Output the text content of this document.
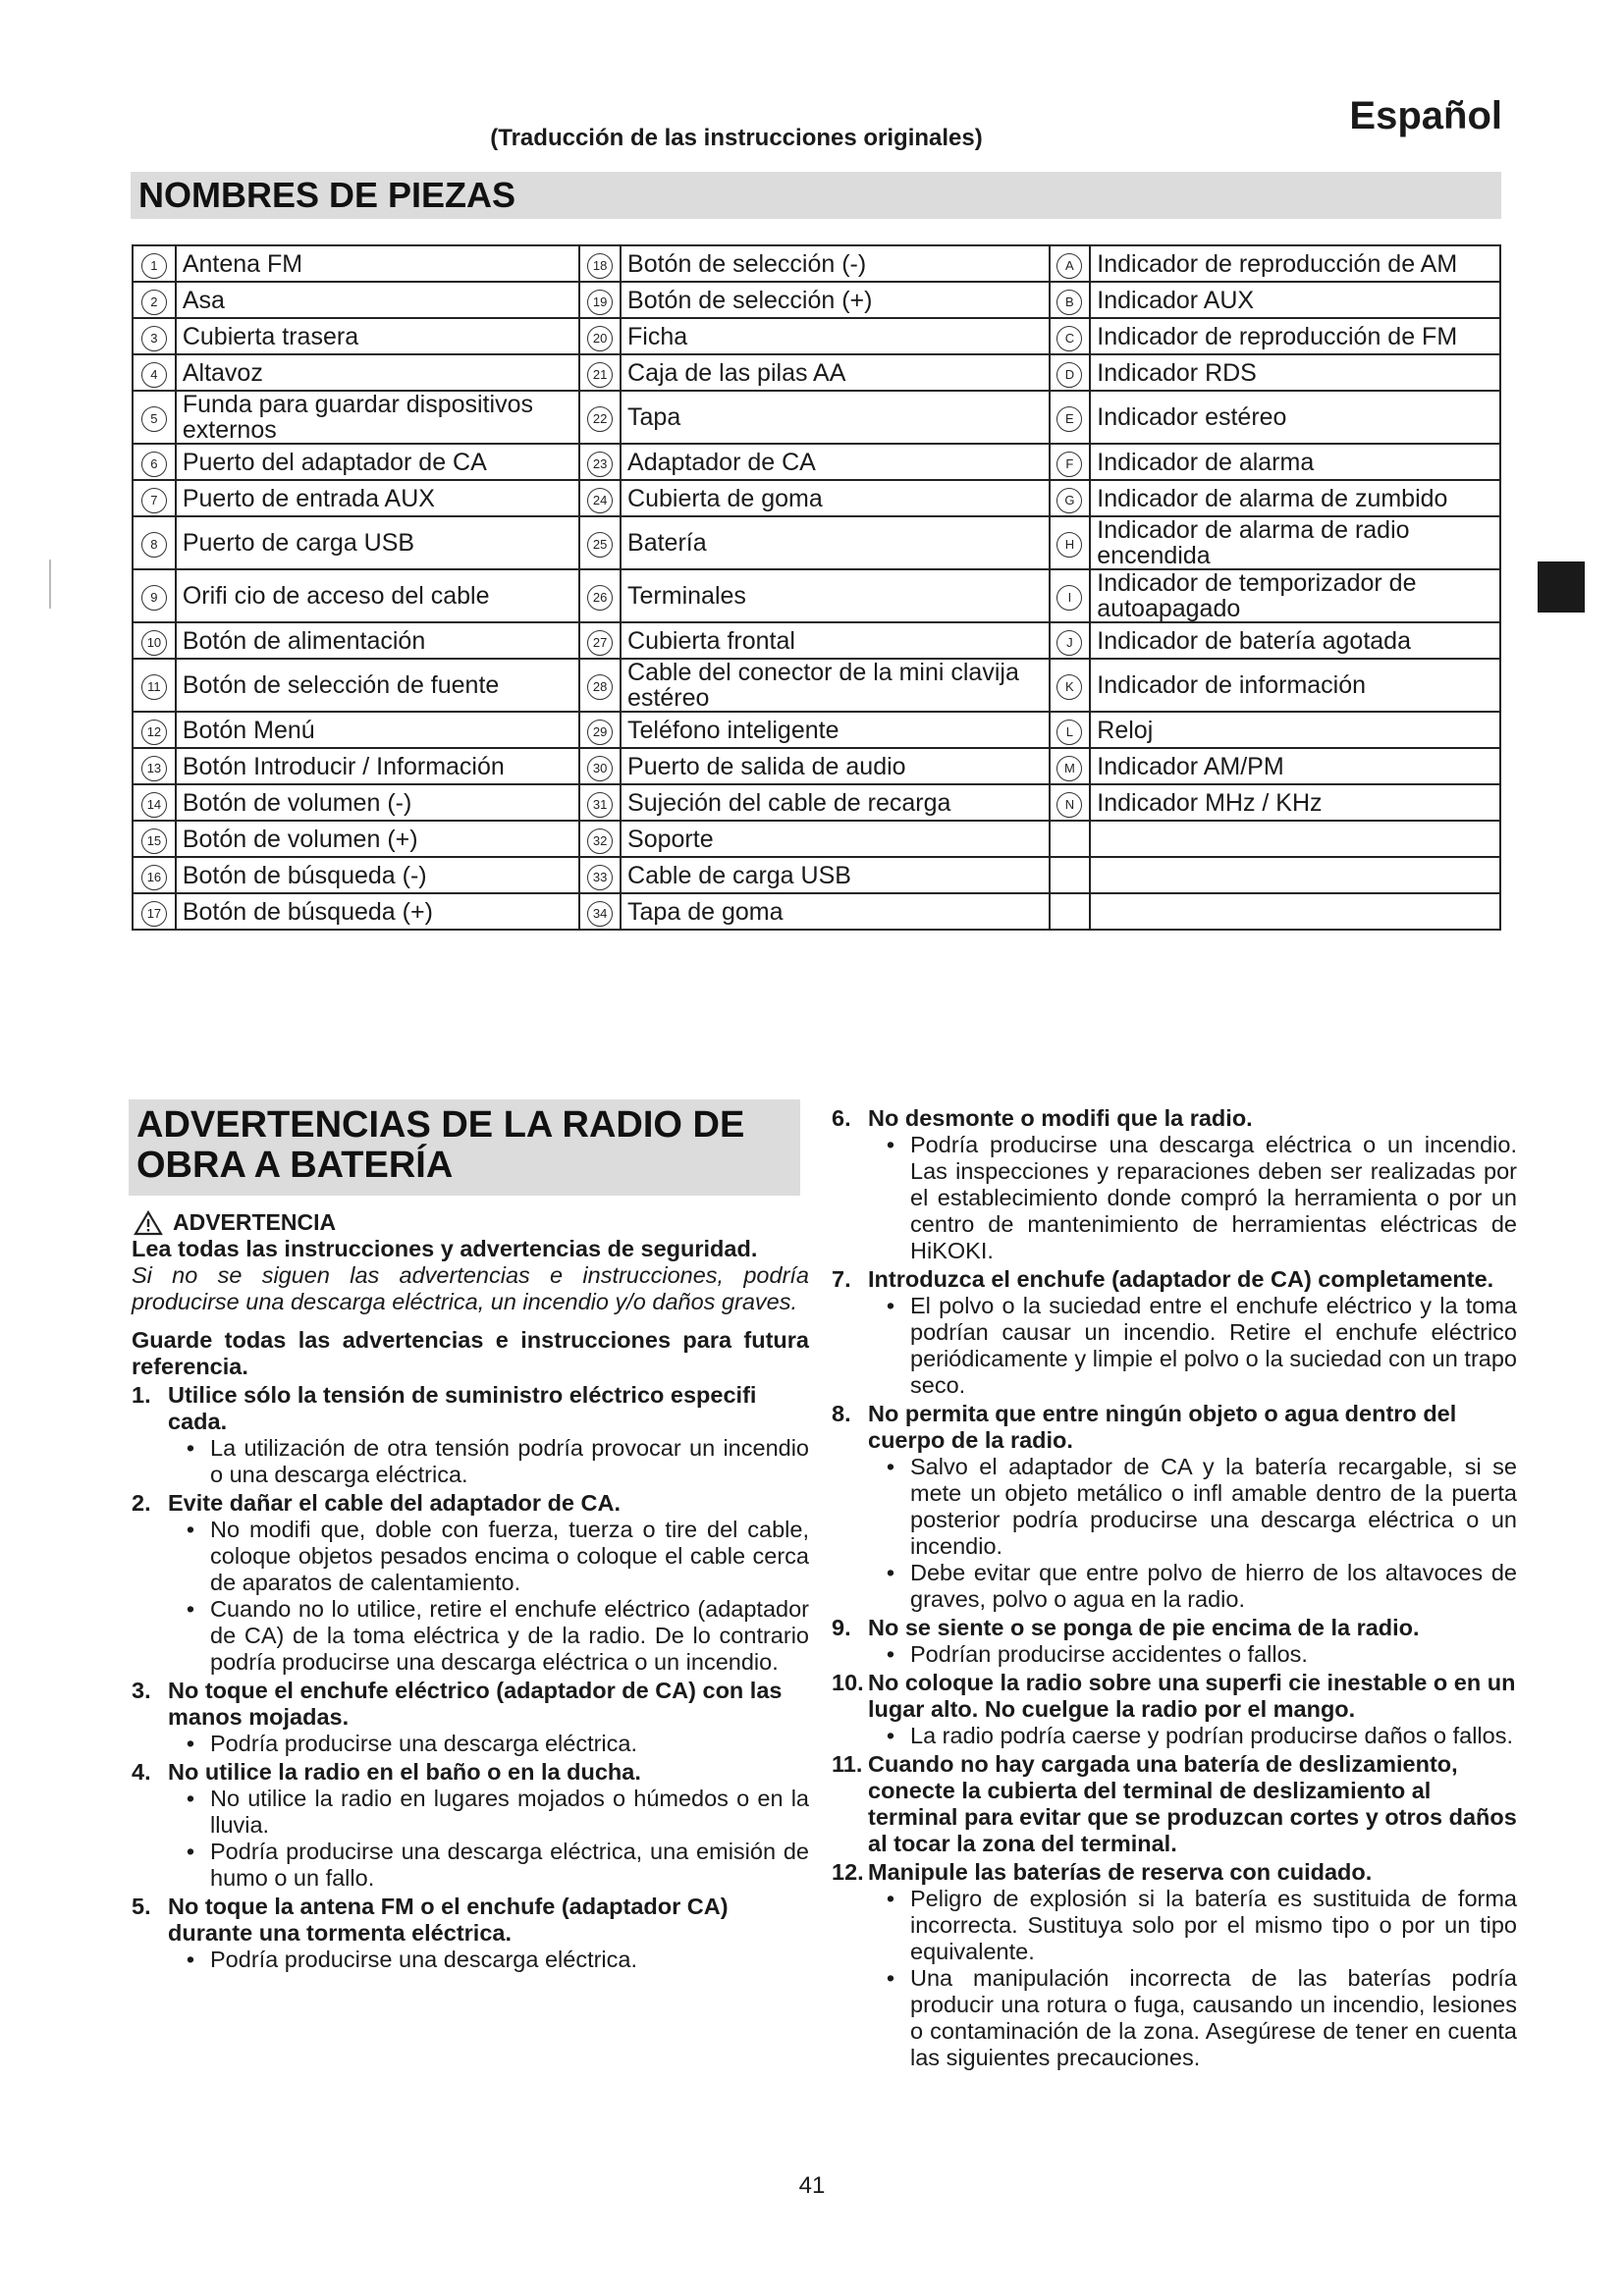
Español
(Traducción de las instrucciones originales)
NOMBRES DE PIEZAS
1	Antena FM	18	Botón de selección (-)	A	Indicador de reproducción de AM
2	Asa	19	Botón de selección (+)	B	Indicador AUX
3	Cubierta trasera	20	Ficha	C	Indicador de reproducción de FM
4	Altavoz	21	Caja de las pilas AA	D	Indicador RDS
5	Funda para guardar dispositivos externos	22	Tapa	E	Indicador estéreo
6	Puerto del adaptador de CA	23	Adaptador de CA	F	Indicador de alarma
7	Puerto de entrada AUX	24	Cubierta de goma	G	Indicador de alarma de zumbido
8	Puerto de carga USB	25	Batería	H	Indicador de alarma de radio encendida
9	Orifi cio de acceso del cable	26	Terminales	I	Indicador de temporizador de autoapagado
10	Botón de alimentación	27	Cubierta frontal	J	Indicador de batería agotada
11	Botón de selección de fuente	28	Cable del conector de la mini clavija estéreo	K	Indicador de información
12	Botón Menú	29	Teléfono inteligente	L	Reloj
13	Botón Introducir / Información	30	Puerto de salida de audio	M	Indicador AM/PM
14	Botón de volumen (-)	31	Sujeción del cable de recarga	N	Indicador MHz / KHz
15	Botón de volumen (+)	32	Soporte		
16	Botón de búsqueda (-)	33	Cable de carga USB		
17	Botón de búsqueda (+)	34	Tapa de goma		
ADVERTENCIAS DE LA RADIO DE OBRA A BATERÍA
ADVERTENCIA
Lea todas las instrucciones y advertencias de seguridad.
Si no se siguen las advertencias e instrucciones, podría producirse una descarga eléctrica, un incendio y/o daños graves.
Guarde todas las advertencias e instrucciones para futura referencia.
1. Utilice sólo la tensión de suministro eléctrico especifi cada.
• La utilización de otra tensión podría provocar un incendio o una descarga eléctrica.
2. Evite dañar el cable del adaptador de CA.
• No modifi que, doble con fuerza, tuerza o tire del cable, coloque objetos pesados encima o coloque el cable cerca de aparatos de calentamiento.
• Cuando no lo utilice, retire el enchufe eléctrico (adaptador de CA) de la toma eléctrica y de la radio. De lo contrario podría producirse una descarga eléctrica o un incendio.
3. No toque el enchufe eléctrico (adaptador de CA) con las manos mojadas.
• Podría producirse una descarga eléctrica.
4. No utilice la radio en el baño o en la ducha.
• No utilice la radio en lugares mojados o húmedos o en la lluvia.
• Podría producirse una descarga eléctrica, una emisión de humo o un fallo.
5. No toque la antena FM o el enchufe (adaptador CA) durante una tormenta eléctrica.
• Podría producirse una descarga eléctrica.
6. No desmonte o modifi que la radio.
• Podría producirse una descarga eléctrica o un incendio. Las inspecciones y reparaciones deben ser realizadas por el establecimiento donde compró la herramienta o por un centro de mantenimiento de herramientas eléctricas de HiKOKI.
7. Introduzca el enchufe (adaptador de CA) completamente.
• El polvo o la suciedad entre el enchufe eléctrico y la toma podrían causar un incendio. Retire el enchufe eléctrico periódicamente y limpie el polvo o la suciedad con un trapo seco.
8. No permita que entre ningún objeto o agua dentro del cuerpo de la radio.
• Salvo el adaptador de CA y la batería recargable, si se mete un objeto metálico o infl amable dentro de la puerta posterior podría producirse una descarga eléctrica o un incendio.
• Debe evitar que entre polvo de hierro de los altavoces de graves, polvo o agua en la radio.
9. No se siente o se ponga de pie encima de la radio.
• Podrían producirse accidentes o fallos.
10. No coloque la radio sobre una superfi cie inestable o en un lugar alto. No cuelgue la radio por el mango.
• La radio podría caerse y podrían producirse daños o fallos.
11. Cuando no hay cargada una batería de deslizamiento, conecte la cubierta del terminal de deslizamiento al terminal para evitar que se produzcan cortes y otros daños al tocar la zona del terminal.
12. Manipule las baterías de reserva con cuidado.
• Peligro de explosión si la batería es sustituida de forma incorrecta. Sustituya solo por el mismo tipo o por un tipo equivalente.
• Una manipulación incorrecta de las baterías podría producir una rotura o fuga, causando un incendio, lesiones o contaminación de la zona. Asegúrese de tener en cuenta las siguientes precauciones.
41
